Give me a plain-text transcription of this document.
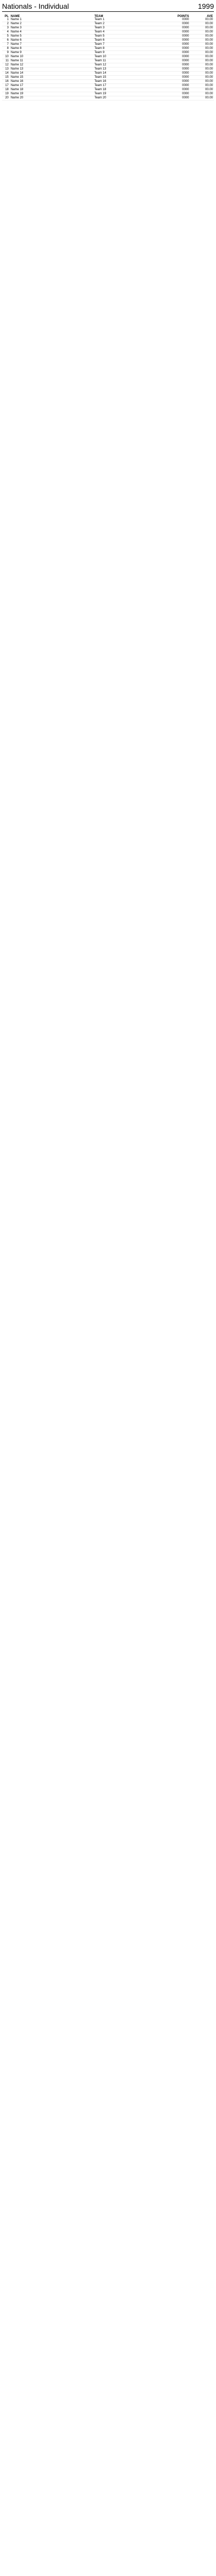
Nationals - Individual	1999
PL	NAME	TEAM	POINTS	AVE
1	Name 1	Team 1	0000	00.00
2	Name 2	Team 2	0000	00.00
3	Name 3	Team 3	0000	00.00
4	Name 4	Team 4	0000	00.00
5	Name 5	Team 5	0000	00.00
6	Name 6	Team 6	0000	00.00
7	Name 7	Team 7	0000	00.00
8	Name 8	Team 8	0000	00.00
9	Name 9	Team 9	0000	00.00
10	Name 10	Team 10	0000	00.00
11	Name 11	Team 11	0000	00.00
12	Name 12	Team 12	0000	00.00
13	Name 13	Team 13	0000	00.00
14	Name 14	Team 14	0000	00.00
15	Name 15	Team 15	0000	00.00
16	Name 16	Team 16	0000	00.00
17	Name 17	Team 17	0000	00.00
18	Name 18	Team 18	0000	00.00
19	Name 19	Team 19	0000	00.00
20	Name 20	Team 20	0000	00.00
